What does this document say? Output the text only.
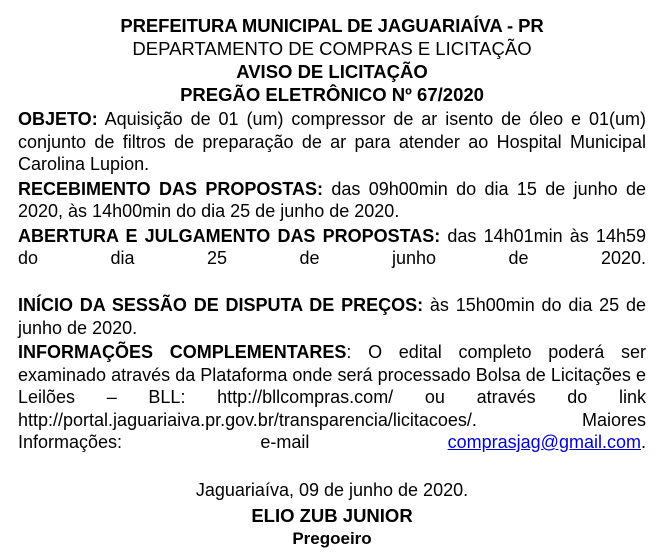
PREFEITURA MUNICIPAL DE JAGUARIAÍVA - PR

DEPARTAMENTO DE COMPRAS E LICITAÇÃO

AVISO DE LICITAÇÃO

PREGÃO ELETRÔNICO Nº 67/2020

OBJETO: Aquisição de 01 (um) compressor de ar isento de óleo e 01(um) conjunto de filtros de preparação de ar para atender ao Hospital Municipal Carolina Lupion.

RECEBIMENTO DAS PROPOSTAS: das 09h00min do dia 15 de junho de 2020, às 14h00min do dia 25 de junho de 2020.

ABERTURA E JULGAMENTO DAS PROPOSTAS: das 14h01min às 14h59 do dia 25 de junho de 2020.

INÍCIO DA SESSÃO DE DISPUTA DE PREÇOS: às 15h00min do dia 25 de junho de 2020.

INFORMAÇÕES COMPLEMENTARES: O edital completo poderá ser examinado através da Plataforma onde será processado Bolsa de Licitações e Leilões – BLL: http://bllcompras.com/ ou através do link http://portal.jaguariaiva.pr.gov.br/transparencia/licitacoes/. Maiores Informações: e-mail comprasjag@gmail.com.

Jaguariaíva, 09 de junho de 2020.

ELIO ZUB JUNIOR

Pregoeiro
